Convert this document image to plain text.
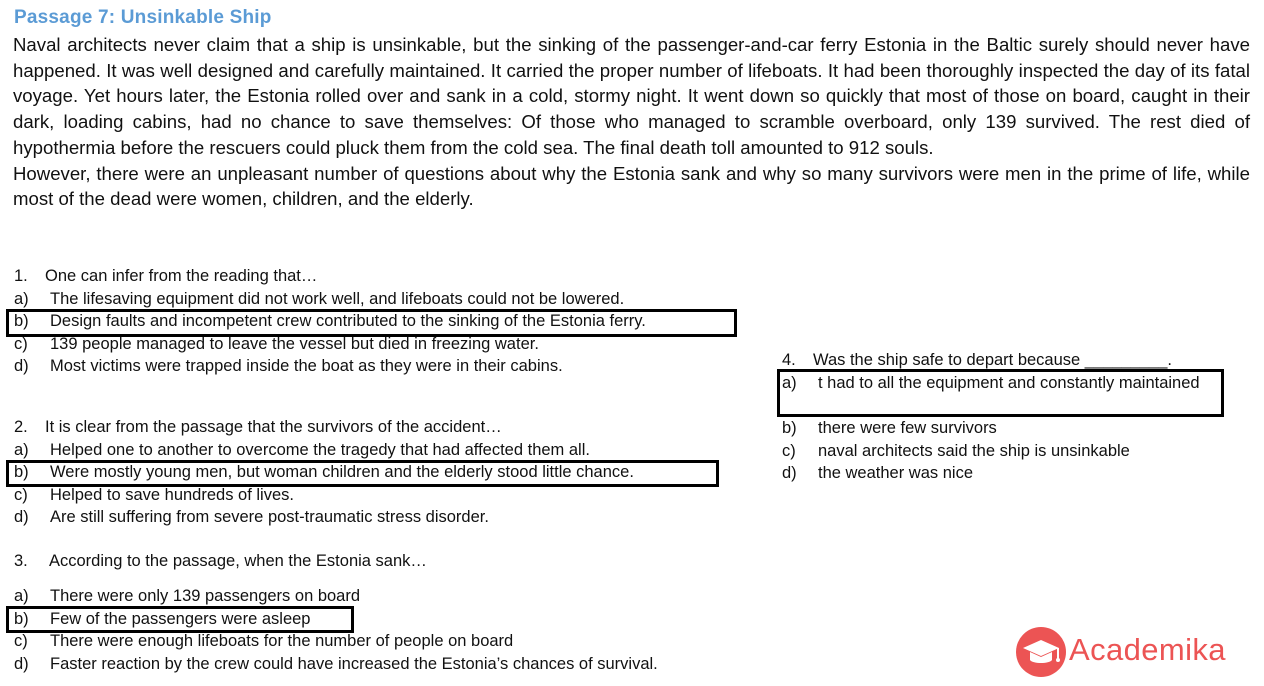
Passage 7: Unsinkable Ship

Naval architects never claim that a ship is unsinkable, but the sinking of the passenger-and-car ferry Estonia in the Baltic surely should never have happened. It was well designed and carefully maintained. It carried the proper number of lifeboats. It had been thoroughly inspected the day of its fatal voyage. Yet hours later, the Estonia rolled over and sank in a cold, stormy night. It went down so quickly that most of those on board, caught in their dark, loading cabins, had no chance to save themselves: Of those who managed to scramble overboard, only 139 survived. The rest died of hypothermia before the rescuers could pluck them from the cold sea. The final death toll amounted to 912 souls.

However, there were an unpleasant number of questions about why the Estonia sank and why so many survivors were men in the prime of life, while most of the dead were women, children, and the elderly.

1. One can infer from the reading that…
a) The lifesaving equipment did not work well, and lifeboats could not be lowered.
b) Design faults and incompetent crew contributed to the sinking of the Estonia ferry.
c) 139 people managed to leave the vessel but died in freezing water.
d) Most victims were trapped inside the boat as they were in their cabins.
2. It is clear from the passage that the survivors of the accident…
a) Helped one to another to overcome the tragedy that had affected them all.
b) Were mostly young men, but woman children and the elderly stood little chance.
c) Helped to save hundreds of lives.
d) Are still suffering from severe post-traumatic stress disorder.
3. According to the passage, when the Estonia sank…
a) There were only 139 passengers on board
b) Few of the passengers were asleep
c) There were enough lifeboats for the number of people on board
d) Faster reaction by the crew could have increased the Estonia’s chances of survival.
4. Was the ship safe to depart because _________.
a) t had to all the equipment and constantly maintained
b) there were few survivors
c) naval architects said the ship is unsinkable
d) the weather was nice
Academika
